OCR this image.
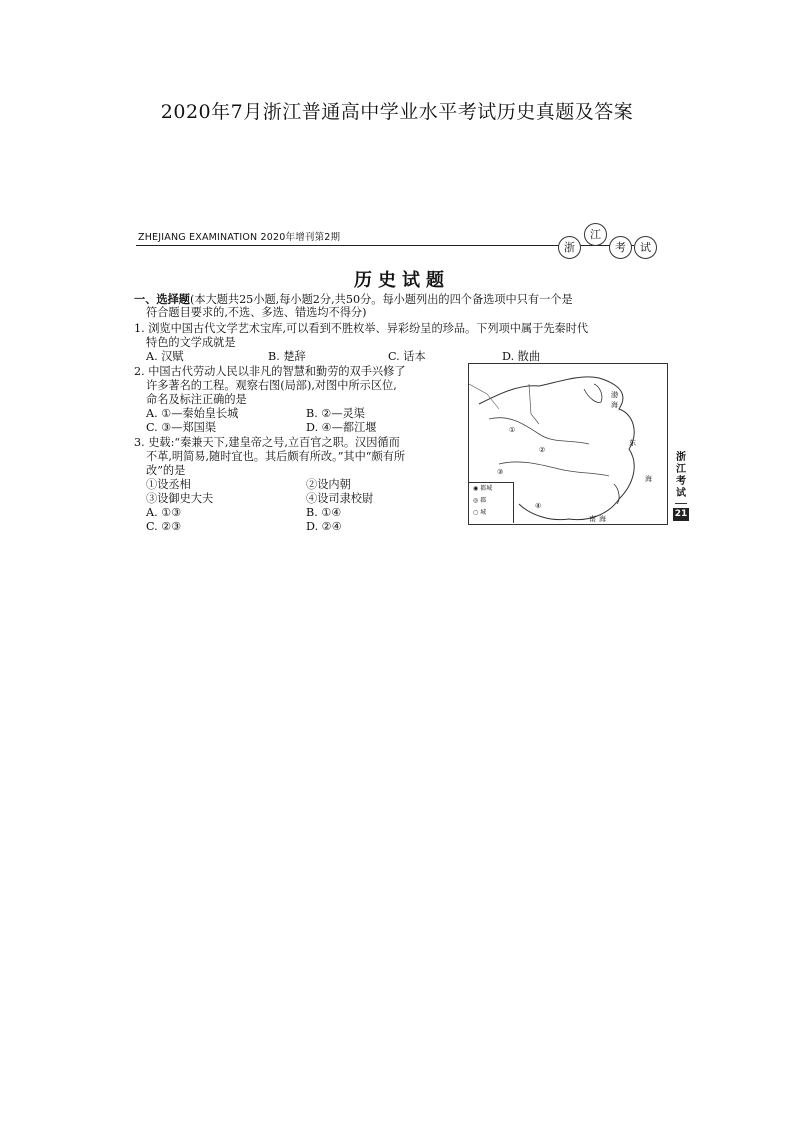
2020年7月浙江普通高中学业水平考试历史真题及答案
ZHEJIANG EXAMINATION 2020年增刊第2期
浙
江
考	试
历史试题
一、选择题(本大题共25小题,每小题2分,共50分。每小题列出的四个备选项中只有一个是
符合题目要求的,不选、多选、错选均不得分)
1. 浏览中国古代文学艺术宝库,可以看到不胜枚举、异彩纷呈的珍品。下列项中属于先秦时代
特色的文学成就是
A. 汉赋	B. 楚辞	C. 话本	D. 散曲
2. 中国古代劳动人民以非凡的智慧和勤劳的双手兴修了
许多著名的工程。观察右图(局部),对图中所示区位,
命名及标注正确的是
A. ①—秦始皇长城	B. ②—灵渠
C. ③—郑国渠	D. ④—都江堰
3. 史载:“秦兼天下,建皇帝之号,立百官之职。汉因循而
不革,明简易,随时宜也。其后颇有所改。”其中“颇有所
改”的是
①设丞相	②设内朝
③设御史大夫	④设司隶校尉
A. ①③	B. ①④
C. ②③	D. ②④
①
②
③
④
渤
海
东
海
南 海
◉ 都城
◎ 郡
○ 城
浙江考试
21
